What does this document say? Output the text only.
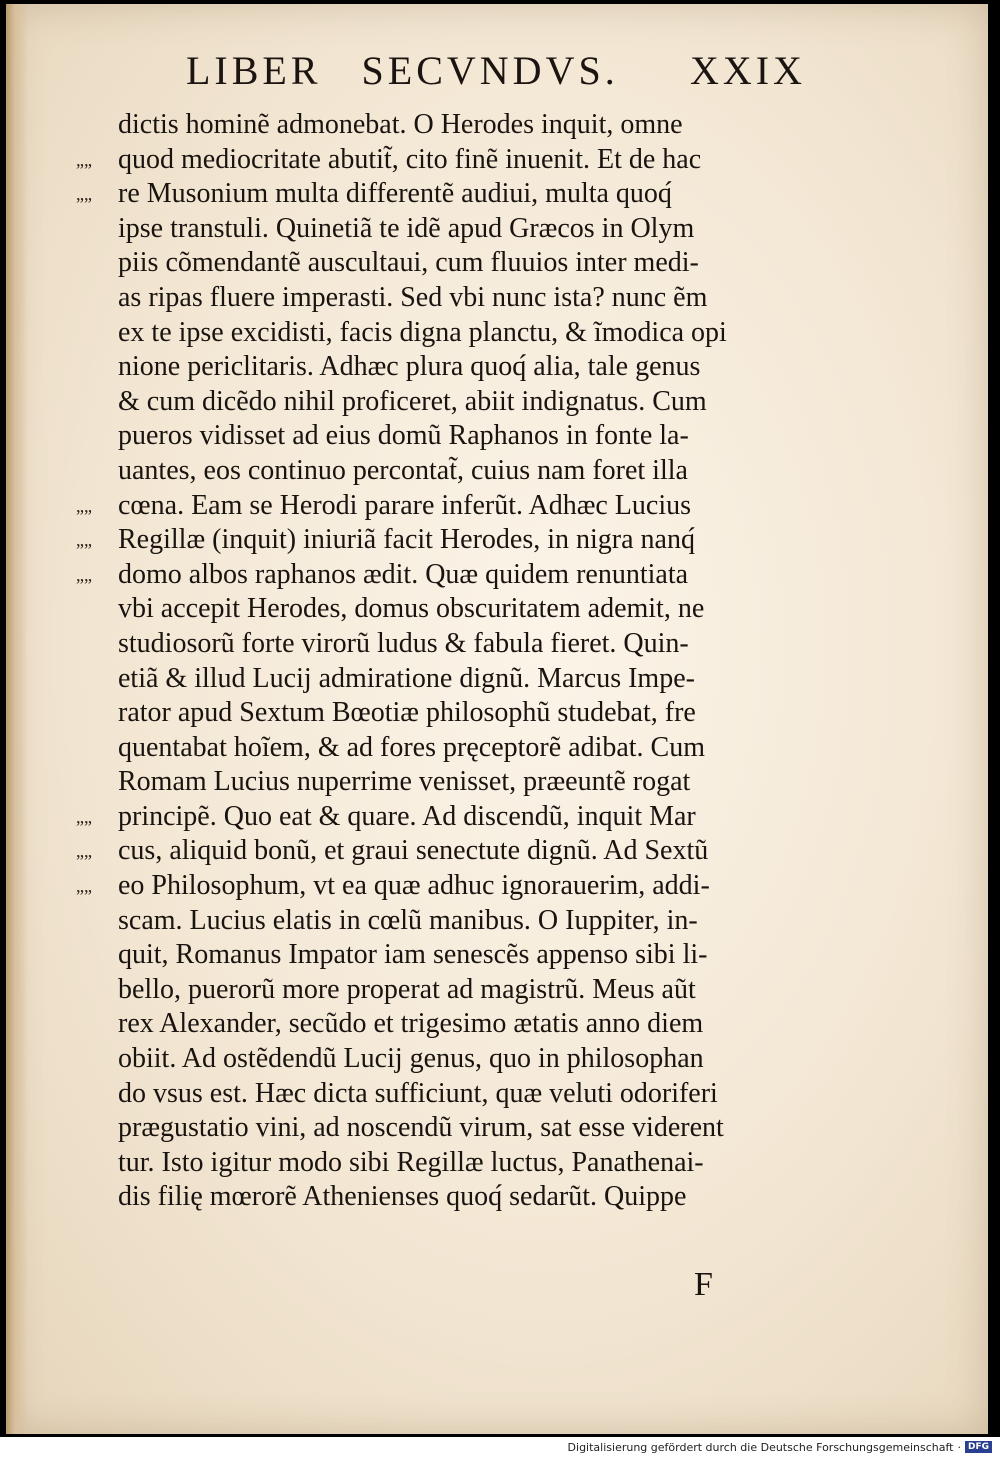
LIBER SECVNDVS. XXIX
dictis hominẽ admonebat. O Herodes inquit, omne
„„ quod mediocritate abutit̃, cito finẽ inuenit. Et de hac
„„ re Musonium multa differentẽ audiui, multa quoq́
ipse transtuli. Quinetiã te idẽ apud Græcos in Olym
piis cõmendantẽ auscultaui, cum fluuios inter medi-
as ripas fluere imperasti. Sed vbi nunc ista? nunc ẽm
ex te ipse excidisti, facis digna planctu, & ĩmodica opi
nione periclitaris. Adhæc plura quoq́ alia, tale genus
& cum dicẽdo nihil proficeret, abiit indignatus. Cum
pueros vidisset ad eius domũ Raphanos in fonte la-
uantes, eos continuo percontat̃, cuius nam foret illa
„„ cœna. Eam se Herodi parare inferũt. Adhæc Lucius
„„ Regillæ (inquit) iniuriã facit Herodes, in nigra nanq́
„„ domo albos raphanos ædit. Quæ quidem renuntiata
vbi accepit Herodes, domus obscuritatem ademit, ne
studiosorũ forte virorũ ludus & fabula fieret. Quin-
etiã & illud Lucij admiratione dignũ. Marcus Impe-
rator apud Sextum Bœotiæ philosophũ studebat, fre
quentabat hoĩem, & ad fores pręceptorẽ adibat. Cum
Romam Lucius nuperrime venisset, præeuntẽ rogat
„„ principẽ. Quo eat & quare. Ad discendũ, inquit Mar
„„ cus, aliquid bonũ, et graui senectute dignũ. Ad Sextũ
„„ eo Philosophum, vt ea quæ adhuc ignorauerim, addi-
scam. Lucius elatis in cœlũ manibus. O Iuppiter, in-
quit, Romanus Impator iam senescẽs appenso sibi li-
bello, puerorũ more properat ad magistrũ. Meus aũt
rex Alexander, secũdo et trigesimo ætatis anno diem
obiit. Ad ostẽdendũ Lucij genus, quo in philosophan
do vsus est. Hæc dicta sufficiunt, quæ veluti odoriferi
prægustatio vini, ad noscendũ virum, sat esse viderent
tur. Isto igitur modo sibi Regillæ luctus, Panathenai-
dis filię mœrorẽ Athenienses quoq́ sedarũt. Quippe
F
Digitalisierung gefördert durch die Deutsche Forschungsgemeinschaft · DFG
